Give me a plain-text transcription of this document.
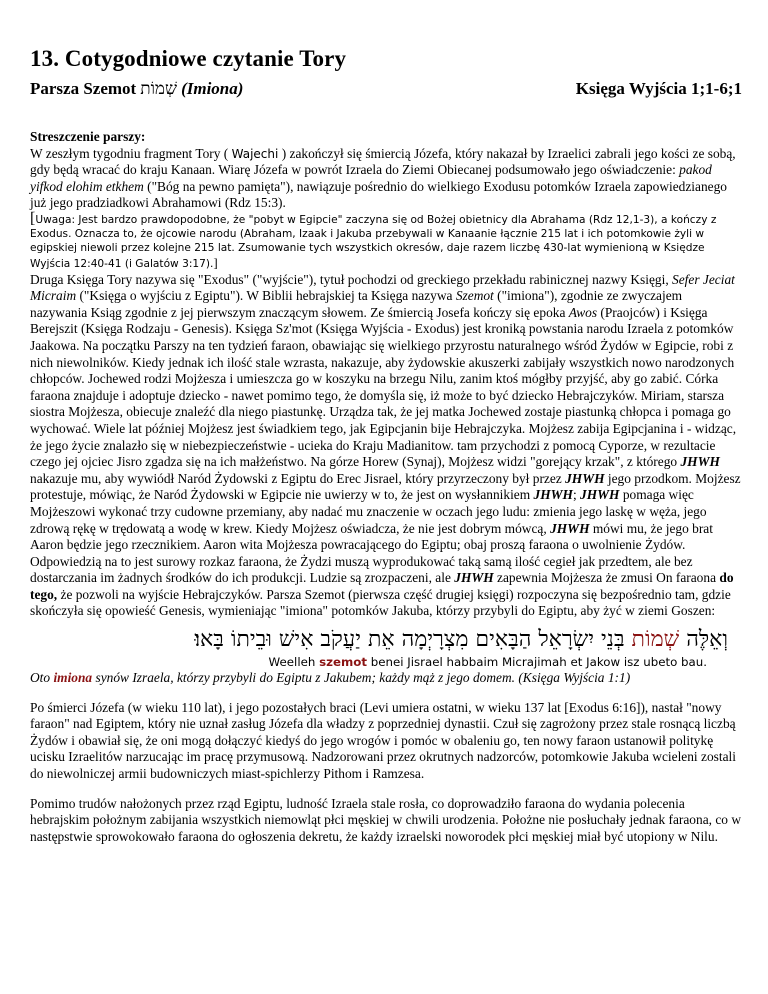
13. Cotygodniowe czytanie Tory
Parsza Szemot שְׁמוֹת (Imiona)	Księga Wyjścia 1;1-6;1
Streszczenie parszy:

W zeszłym tygodniu fragment Tory ( Wajechi ) zakończył się śmiercią Józefa, który nakazał by Izraelici zabrali jego kości ze sobą, gdy będą wracać do kraju Kanaan. Wiarę Józefa w powrót Izraela do Ziemi Obiecanej podsumowało jego oświadczenie: pakod yifkod elohim etkhem ("Bóg na pewno pamięta"), nawiązuje pośrednio do wielkiego Exodusu potomków Izraela zapowiedzianego już jego pradziadkowi Abrahamowi (Rdz 15:3).

[Uwaga: Jest bardzo prawdopodobne, że "pobyt w Egipcie" zaczyna się od Bożej obietnicy dla Abrahama (Rdz 12,1-3), a kończy z Exodus. Oznacza to, że ojcowie narodu (Abraham, Izaak i Jakuba przebywali w Kanaanie łącznie 215 lat i ich potomkowie żyli w egipskiej niewoli przez kolejne 215 lat. Zsumowanie tych wszystkich okresów, daje razem liczbę 430-lat wymienioną w Księdze Wyjścia 12:40-41 (i Galatów 3:17).]

Druga Księga Tory nazywa się "Exodus" ("wyjście"), tytuł pochodzi od greckiego przekładu rabinicznej nazwy Księgi, Sefer Jeciat Micraim ("Księga o wyjściu z Egiptu"). W Biblii hebrajskiej ta Księga nazywa Szemot ("imiona"), zgodnie ze zwyczajem nazywania Ksiąg zgodnie z jej pierwszym znaczącym słowem. Ze śmiercią Josefa kończy się epoka Awos (Praojców) i Księga Berejszit (Księga Rodzaju - Genesis). Księga Sz'mot (Księga Wyjścia - Exodus) jest kroniką powstania narodu Izraela z potomków Jaakowa. Na początku Parszy na ten tydzień faraon, obawiając się wielkiego przyrostu naturalnego wśród Żydów w Egipcie, robi z nich niewolników. Kiedy jednak ich ilość stale wzrasta, nakazuje, aby żydowskie akuszerki zabijały wszystkich nowo narodzonych chłopców. Jochewed rodzi Mojżesza i umieszcza go w koszyku na brzegu Nilu, zanim ktoś mógłby przyjść, aby go zabić. Córka faraona znajduje i adoptuje dziecko - nawet pomimo tego, że domyśla się, iż może to być dziecko Hebrajczyków. Miriam, starsza siostra Mojżesza, obiecuje znaleźć dla niego piastunkę. Urządza tak, że jej matka Jochewed zostaje piastunką chłopca i pomaga go wychować. Wiele lat później Mojżesz jest świadkiem tego, jak Egipcjanin bije Hebrajczyka. Mojżesz zabija Egipcjanina i - widząc, że jego życie znalazło się w niebezpieczeństwie - ucieka do Kraju Madianitow. tam przychodzi z pomocą Cyporze, w rezultacie czego jej ojciec Jisro zgadza się na ich małżeństwo. Na górze Horew (Synaj), Mojżesz widzi "gorejący krzak", z którego JHWH nakazuje mu, aby wywiódł Naród Żydowski z Egiptu do Erec Jisrael, który przyrzeczony był przez JHWH jego przodkom. Mojżesz protestuje, mówiąc, że Naród Żydowski w Egipcie nie uwierzy w to, że jest on wysłannikiem JHWH; JHWH pomaga więc Mojżeszowi wykonać trzy cudowne przemiany, aby nadać mu znaczenie w oczach jego ludu: zmienia jego laskę w węża, jego zdrową rękę w trędowatą a wodę w krew. Kiedy Mojżesz oświadcza, że nie jest dobrym mówcą, JHWH mówi mu, że jego brat Aaron będzie jego rzecznikiem. Aaron wita Mojżesza powracającego do Egiptu; obaj proszą faraona o uwolnienie Żydów. Odpowiedzią na to jest surowy rozkaz faraona, że Żydzi muszą wyprodukować taką samą ilość cegieł jak przedtem, ale bez dostarczania im żadnych środków do ich produkcji. Ludzie są zrozpaczeni, ale JHWH zapewnia Mojżesza że zmusi On faraona do tego, że pozwoli na wyjście Hebrajczyków. Parsza Szemot (pierwsza część drugiej księgi) rozpoczyna się bezpośrednio tam, gdzie skończyła się opowieść Genesis, wymieniając "imiona" potomków Jakuba, którzy przybyli do Egiptu, aby żyć w ziemi Goszen:

וְאֵלֶּה שְׁמוֹת בְּנֵי יִשְׂרָאֵל הַבָּאִים מִצְרָיְמָה אֵת יַעֲקֹב אִישׁ וּבֵיתוֹ בָּאוּ׃
Weelleh szemot benei Jisrael habbaim Micrajimah et Jakow isz ubeto bau.
Oto imiona synów Izraela, którzy przybyli do Egiptu z Jakubem; każdy mąż z jego domem. (Księga Wyjścia 1:1)

Po śmierci Józefa (w wieku 110 lat), i jego pozostałych braci (Levi umiera ostatni, w wieku 137 lat [Exodus 6:16]), nastał "nowy faraon" nad Egiptem, który nie uznał zasług Józefa dla władzy z poprzedniej dynastii. Czuł się zagrożony przez stale rosnącą liczbą Żydów i obawiał się, że oni mogą dołączyć kiedyś do jego wrogów i pomóc w obaleniu go, ten nowy faraon ustanowił politykę ucisku Izraelitów narzucając im pracę przymusową. Nadzorowani przez okrutnych nadzorców, potomkowie Jakuba wcieleni zostali do niewolniczej armii budowniczych miast-spichlerzy Pithom i Ramzesa.

Pomimo trudów nałożonych przez rząd Egiptu, ludność Izraela stale rosła, co doprowadziło faraona do wydania polecenia hebrajskim położnym zabijania wszystkich niemowląt płci męskiej w chwili urodzenia. Położne nie posłuchały jednak faraona, co w następstwie sprowokowało faraona do ogłoszenia dekretu, że każdy izraelski noworodek płci męskiej miał być utopiony w Nilu.
